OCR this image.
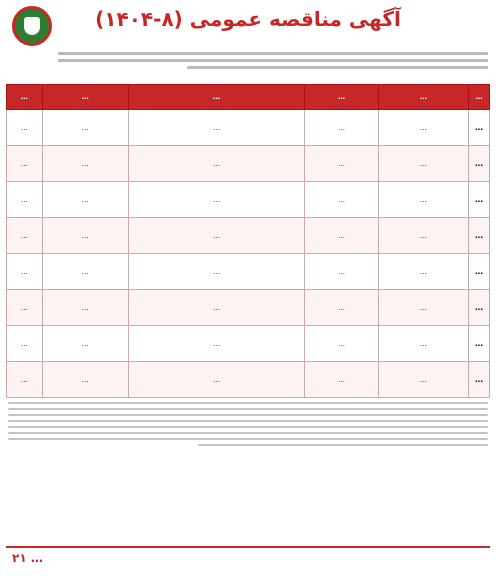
آگهی مناقصه عمومی (۸-۱۴۰۴)
…	…	…	…	…	…
…	…	…	…	…	…
…	…	…	…	…	…
…	…	…	…	…	…
…	…	…	…	…	…
…	…	…	…	…	…
…	…	…	…	…	…
…	…	…	…	…	…
…	…	…	…	…	…
… ۲۱
